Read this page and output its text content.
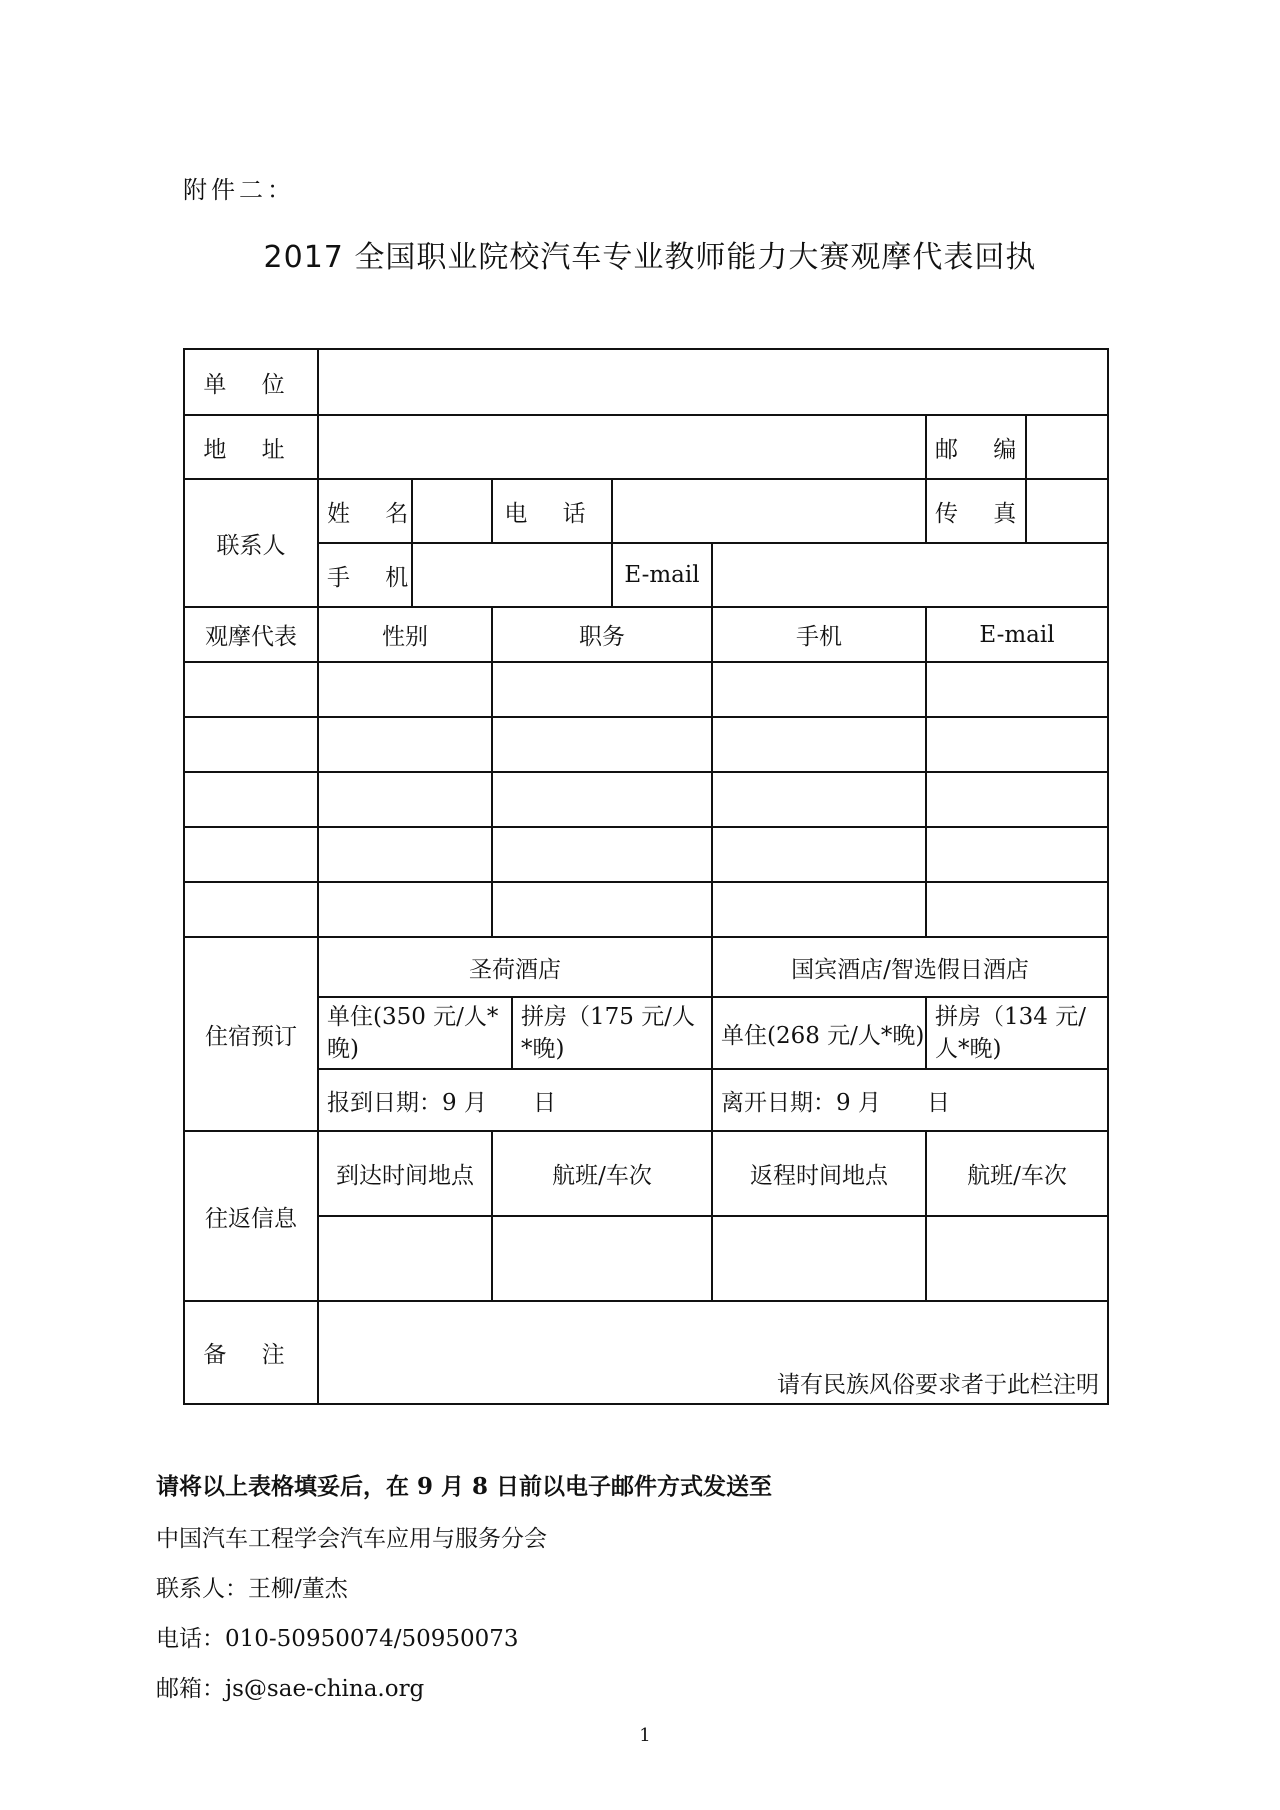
附件二：
2017 全国职业院校汽车专业教师能力大赛观摩代表回执
单 位								
地 址							邮 编	
联系人	姓 名		电 话				传 真	
	手 机				E-mail			
观摩代表	性别		职务			手机	E-mail	

住宿预订	圣荷酒店					国宾酒店/智选假日酒店		
	单住(350 元/人*晚)			拼房（175 元/人*晚)		单住(268 元/人*晚)	拼房（134 元/人*晚)	
	报到日期：9 月　　日					离开日期：9 月　　日		
往返信息	到达时间地点		航班/车次			返程时间地点	航班/车次	

备 注	请有民族风俗要求者于此栏注明							
请将以上表格填妥后，在 9 月 8 日前以电子邮件方式发送至
中国汽车工程学会汽车应用与服务分会
联系人：王柳/董杰
电话：010-50950074/50950073
邮箱：js@sae-china.org
1
